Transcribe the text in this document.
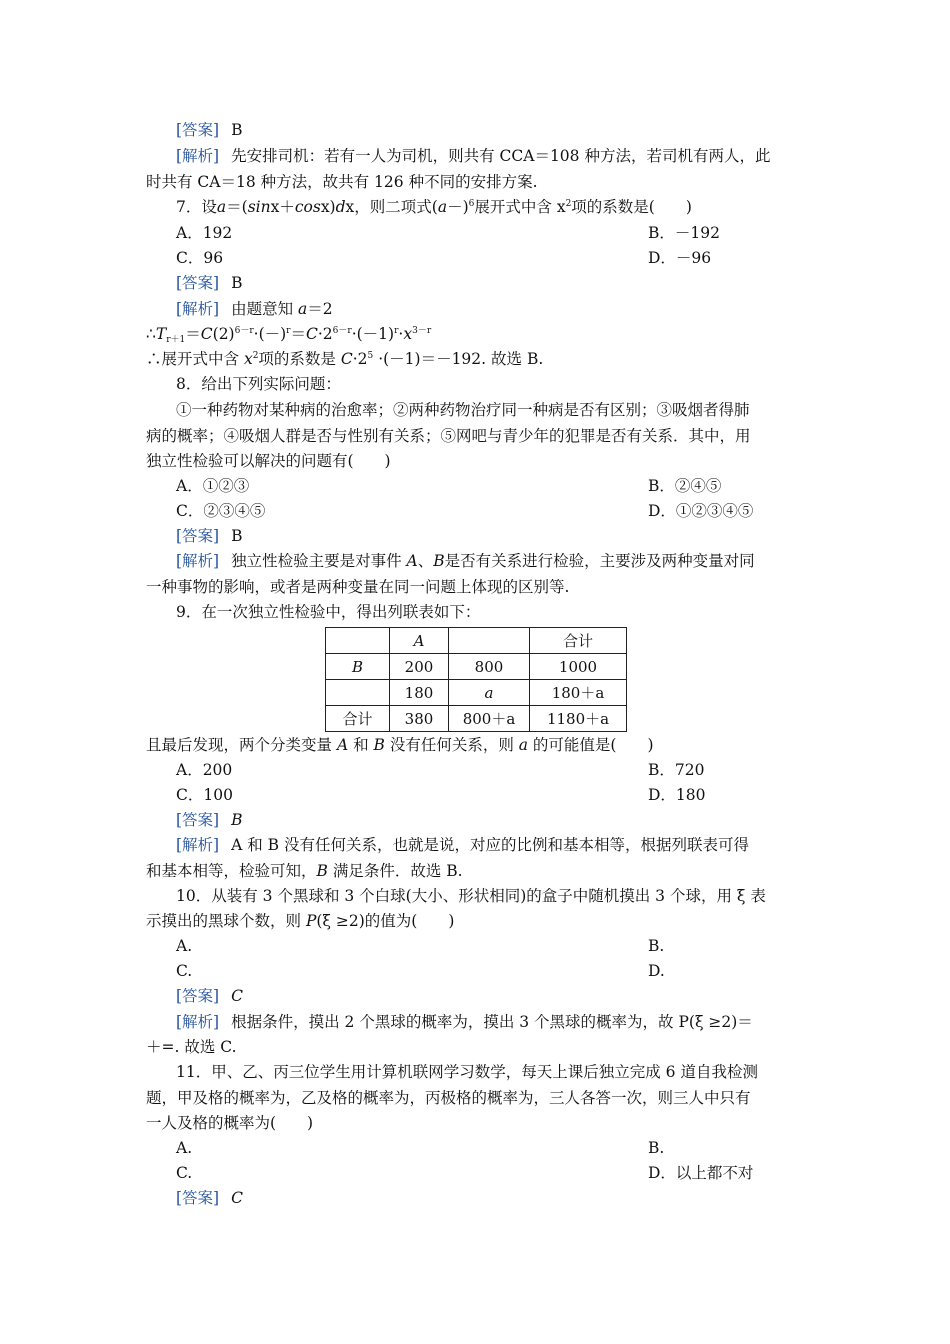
[答案] B
[解析] 先安排司机：若有一人为司机，则共有 CCA＝108 种方法，若司机有两人，此
时共有 CA＝18 种方法，故共有 126 种不同的安排方案.
7．设a＝(sinx＋cosx)dx，则二项式$(a-)^6$展开式中含 $x^2$项的系数是(　　)
A．192	B．－192
C．96	D．－96
[答案] B
[解析] 由题意知 a＝2
$\therefore T_{r+1}=C(2)^{6-r}\cdot(-)^r=C\cdot 2^{6-r}\cdot(-1)^r\cdot x^{3-r}$
∴展开式中含 $x^2$项的系数是 $C\cdot 2^5 \cdot(-1)=-192$. 故选 B.
8．给出下列实际问题：
①一种药物对某种病的治愈率；②两种药物治疗同一种病是否有区别；③吸烟者得肺
病的概率；④吸烟人群是否与性别有关系；⑤网吧与青少年的犯罪是否有关系．其中，用
独立性检验可以解决的问题有(　　)
A．①②③	B．②④⑤
C．②③④⑤	D．①②③④⑤
[答案] B
[解析] 独立性检验主要是对事件 A、B是否有关系进行检验，主要涉及两种变量对同
一种事物的影响，或者是两种变量在同一问题上体现的区别等.
9．在一次独立性检验中，得出列联表如下：
	A		合计
B	200	800	1000
	180	a	180＋a
合计	380	800＋a	1180＋a
且最后发现，两个分类变量 A 和 B 没有任何关系，则 a 的可能值是(　　)
A．200	B．720
C．100	D．180
[答案] B
[解析] A 和 B 没有任何关系，也就是说，对应的比例和基本相等，根据列联表可得
和基本相等，检验可知，B 满足条件．故选 B.
10．从装有 3 个黑球和 3 个白球(大小、形状相同)的盒子中随机摸出 3 个球，用 ξ 表
示摸出的黑球个数，则 P(ξ ≥2)的值为(　　)
A.	B.
C.	D.
[答案] C
[解析] 根据条件，摸出 2 个黑球的概率为，摸出 3 个黑球的概率为，故 P(ξ ≥2)＝
＋=. 故选 C.
11．甲、乙、丙三位学生用计算机联网学习数学，每天上课后独立完成 6 道自我检测
题，甲及格的概率为，乙及格的概率为，丙极格的概率为，三人各答一次，则三人中只有
一人及格的概率为(　　)
A.	B.
C.	D．以上都不对
[答案] C
